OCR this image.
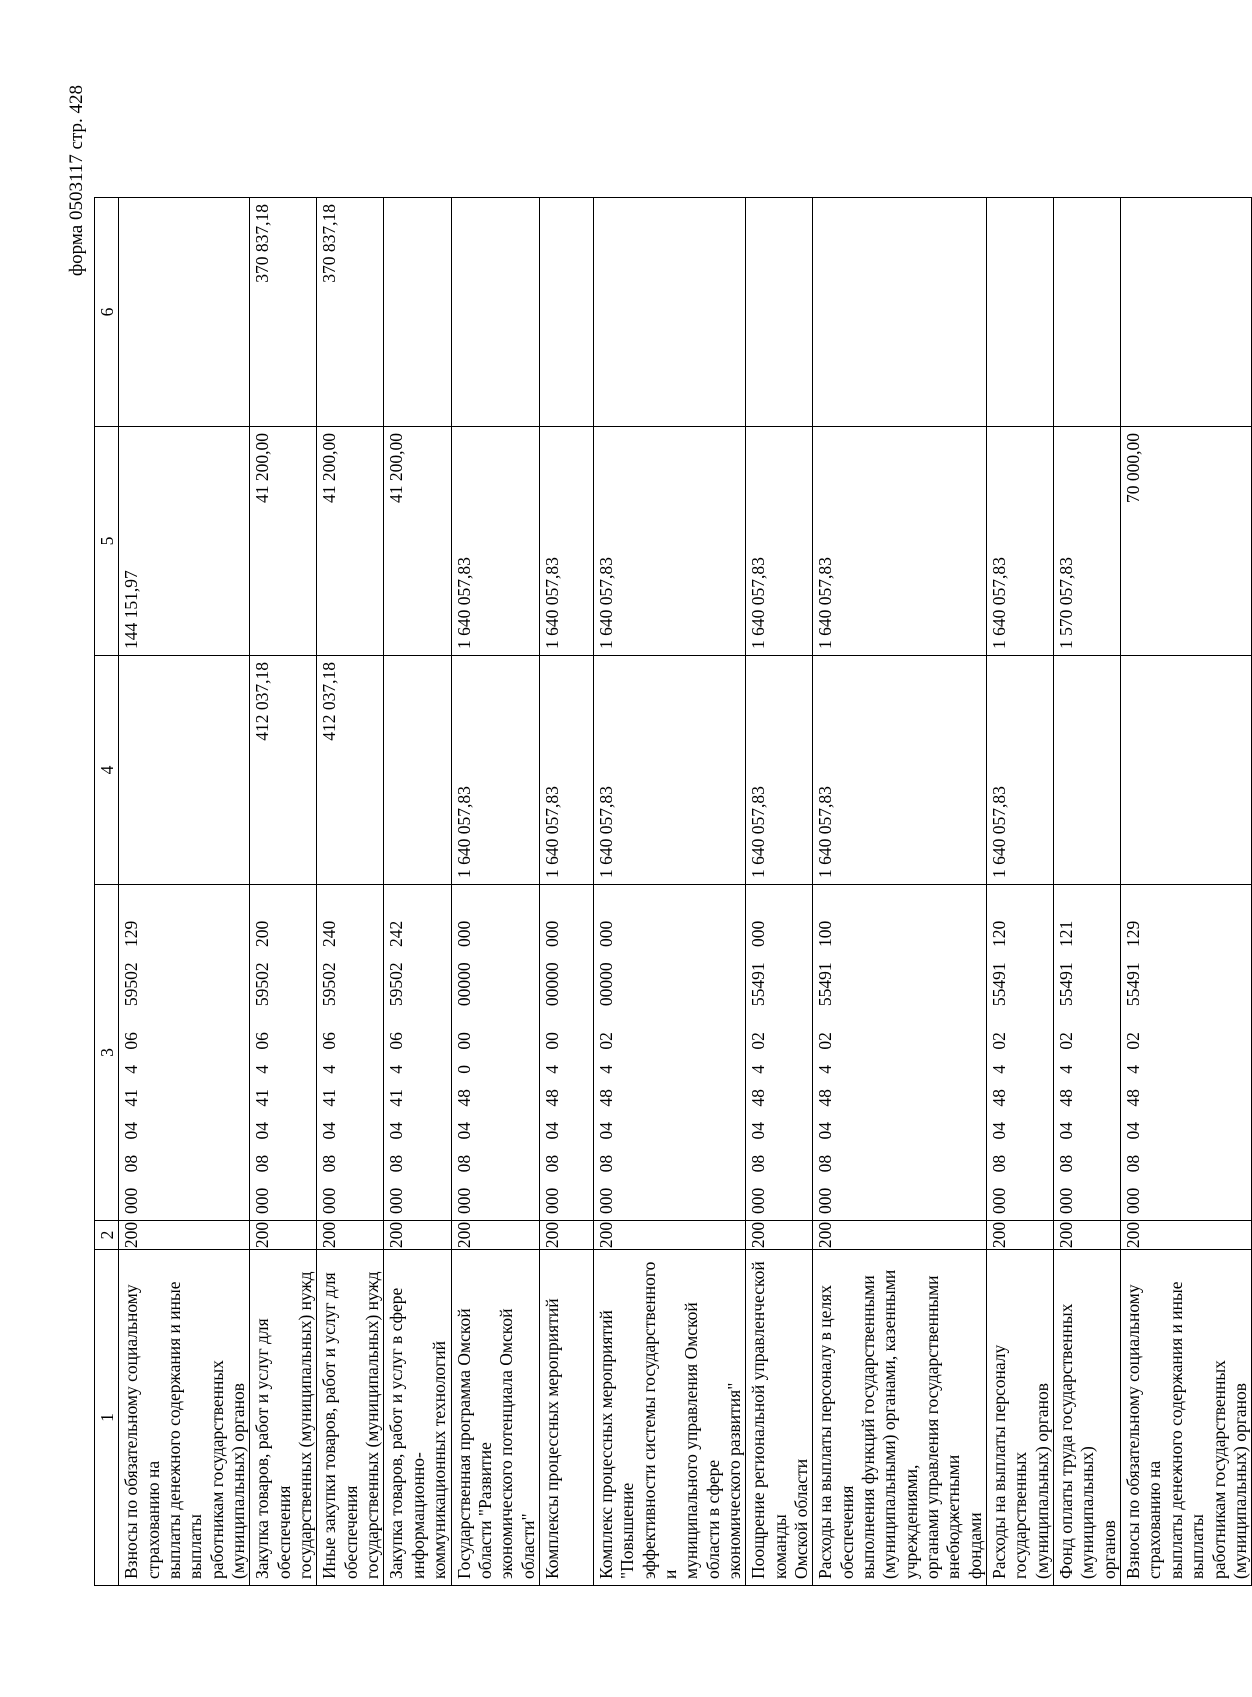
форма 0503117 стр. 428
1	2	3	4	5	6

Взносы по обязательному социальному страхованию на выплаты денежного содержания и иные выплаты работникам государственных (муниципальных) органов	200	000 08 04 41 4 0659502 129		144 151,97	

Закупка товаров, работ и услуг для обеспечения государственных (муниципальных) нужд	200	000 08 04 41 4 0659502 200	412 037,18	41 200,00	370 837,18

Иные закупки товаров, работ и услуг для обеспечения государственных (муниципальных) нужд	200	000 08 04 41 4 0659502 240	412 037,18	41 200,00	370 837,18

Закупка товаров, работ и услуг в сфере информационно- коммуникационных технологий	200	000 08 04 41 4 0659502 242		41 200,00	

Государственная программа Омской области "Развитие экономического потенциала Омской области"	200	000 08 04 48 0 0000000 000	1 640 057,83	1 640 057,83	

Комплексы процессных мероприятий	200	000 08 04 48 4 0000000 000	1 640 057,83	1 640 057,83	

Комплекс процессных мероприятий "Повышение эффективности системы государственного и муниципального управления Омской области в сфере экономического развития"	200	000 08 04 48 4 0200000 000	1 640 057,83	1 640 057,83	

Поощрение региональной управленческой команды Омской области	200	000 08 04 48 4 0255491 000	1 640 057,83	1 640 057,83	

Расходы на выплаты персоналу в целях обеспечения выполнения функций государственными (муниципальными) органами, казенными учреждениями, органами управления государственными внебюджетными фондами	200	000 08 04 48 4 0255491 100	1 640 057,83	1 640 057,83	

Расходы на выплаты персоналу государственных (муниципальных) органов	200	000 08 04 48 4 0255491 120	1 640 057,83	1 640 057,83	

Фонд оплаты труда государственных (муниципальных) органов	200	000 08 04 48 4 0255491 121		1 570 057,83	

Взносы по обязательному социальному страхованию на выплаты денежного содержания и иные выплаты работникам государственных (муниципальных) органов	200	000 08 04 48 4 0255491 129		70 000,00	
